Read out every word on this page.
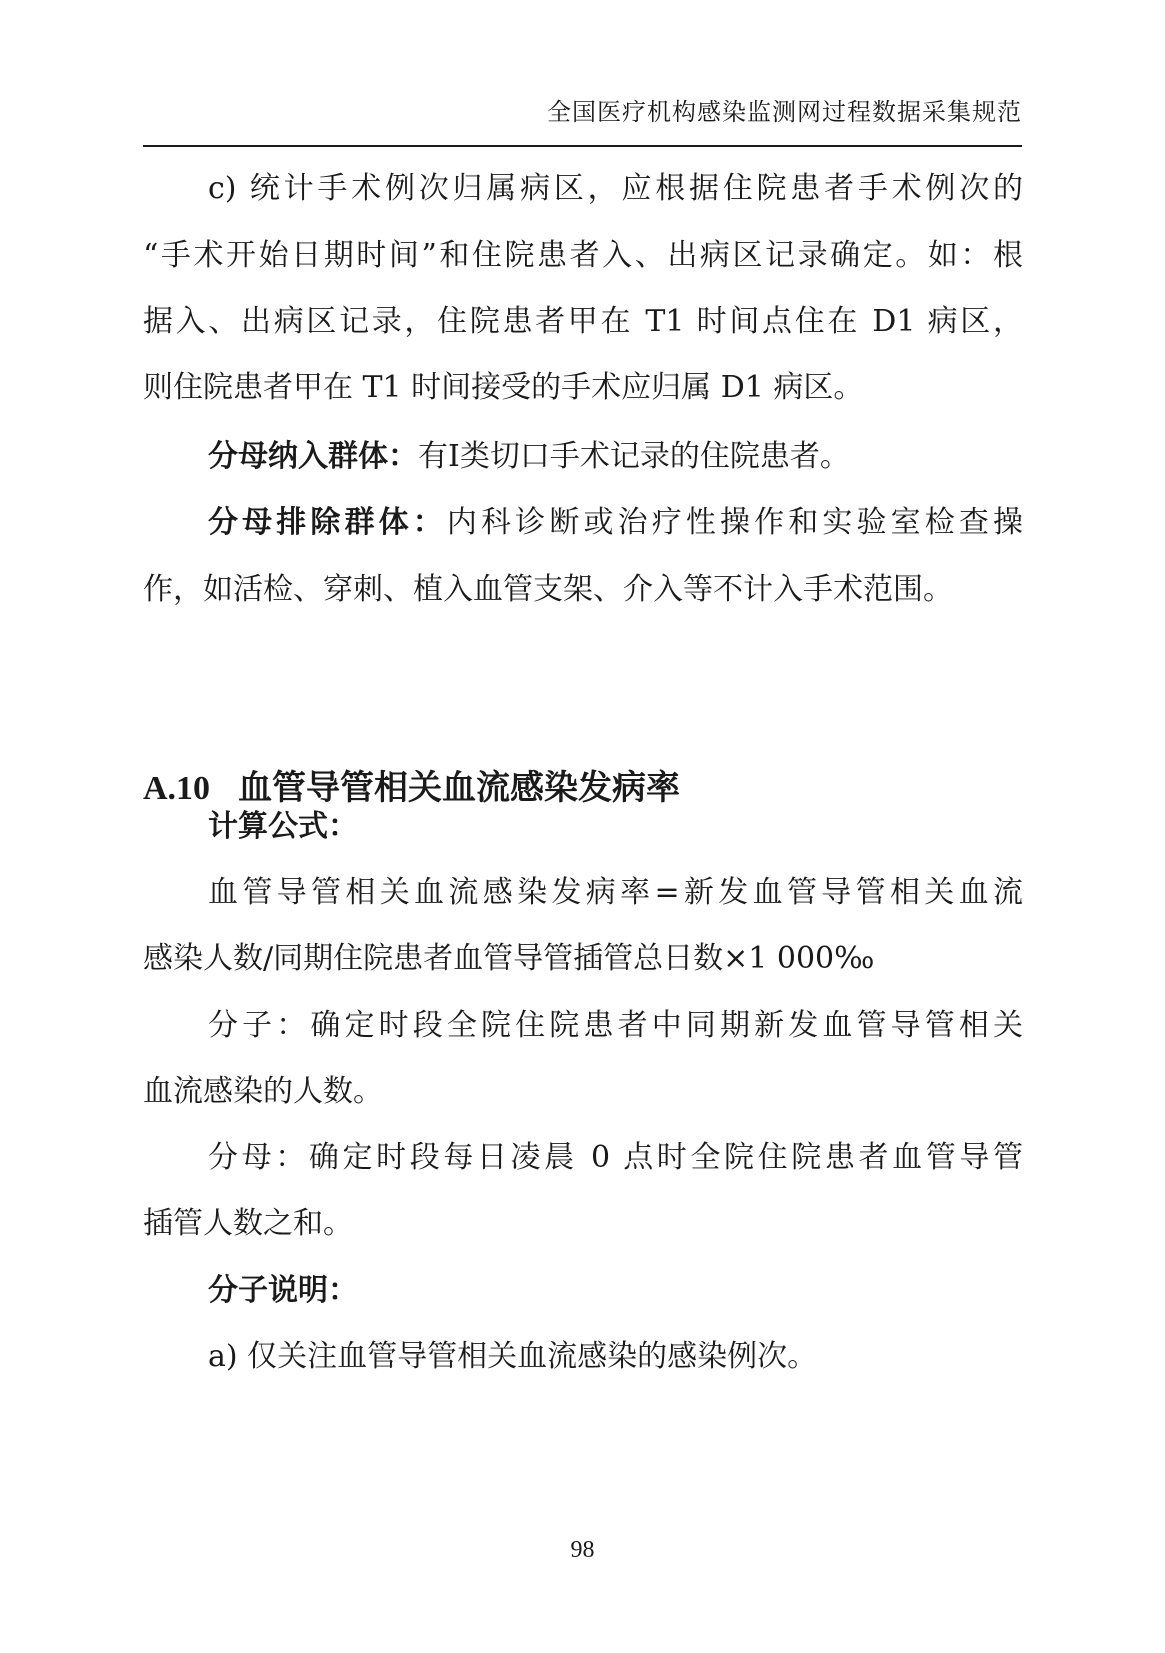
全国医疗机构感染监测网过程数据采集规范
c) 统计手术例次归属病区，应根据住院患者手术例次的
“手术开始日期时间”和住院患者入、出病区记录确定。如：根
据入、出病区记录，住院患者甲在 T1 时间点住在 D1 病区，
则住院患者甲在 T1 时间接受的手术应归属 D1 病区。
分母纳入群体：有I类切口手术记录的住院患者。
分母排除群体：内科诊断或治疗性操作和实验室检查操
作，如活检、穿刺、植入血管支架、介入等不计入手术范围。
A.10 血管导管相关血流感染发病率
计算公式：
血管导管相关血流感染发病率=新发血管导管相关血流
感染人数/同期住院患者血管导管插管总日数×1 000‰
分子：确定时段全院住院患者中同期新发血管导管相关
血流感染的人数。
分母：确定时段每日凌晨 0 点时全院住院患者血管导管
插管人数之和。
分子说明：
a) 仅关注血管导管相关血流感染的感染例次。
98
